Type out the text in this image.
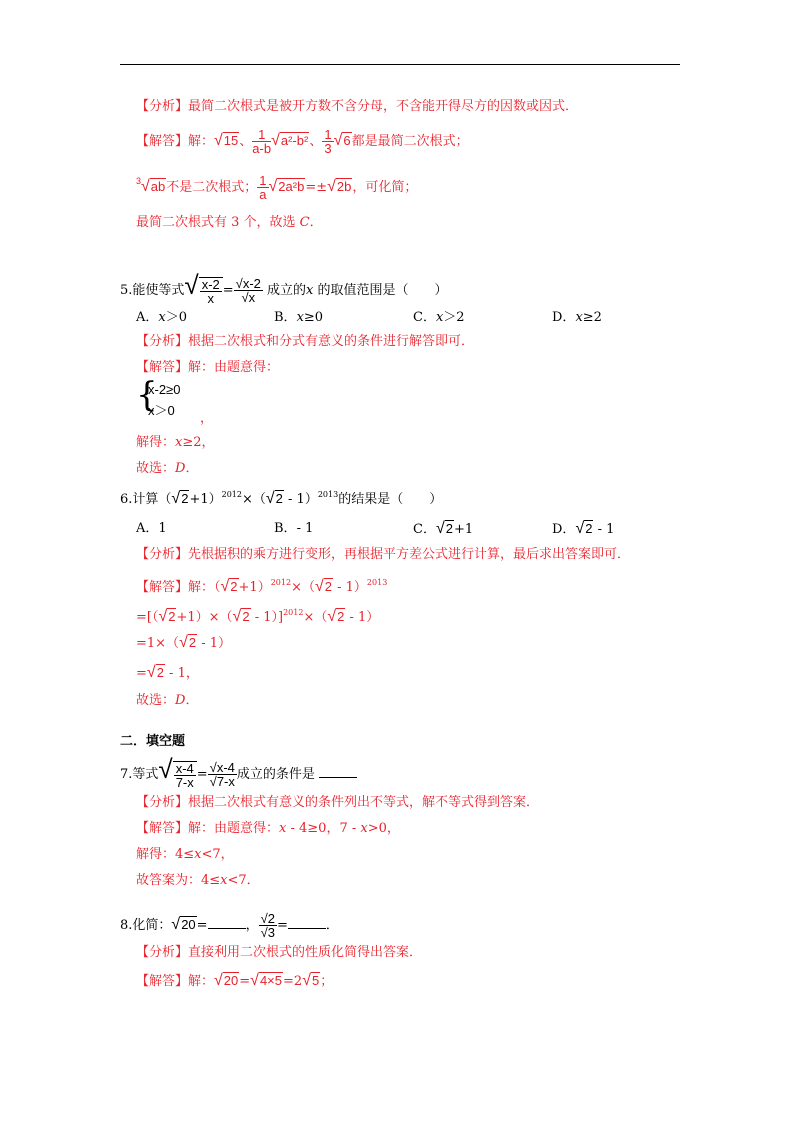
【分析】最简二次根式是被开方数不含分母，不含能开得尽方的因数或因式．
【解答】解：√15、 $\frac{1}{a-b} √a^2-b^2$、 $\frac{1}{3} √6$都是最简二次根式；
$^3$√ab不是二次根式； $\frac{1}{a} √2a^2b=\pm√2b$，可化简；
最简二次根式有 3 个，故选 C．
5.能使等式√ $\frac{x-2}{x} = \frac{√x-2}{√x}$ 成立的x 的取值范围是（　　）
A．x＞0	B．x≥0	C．x＞2	D．x≥2
【分析】根据二次根式和分式有意义的条件进行解答即可．
【解答】解：由题意得：
{
x-2≥0
x＞0
，
解得：x≥2，
故选：D．
6.计算$(√2+1)^{2012}\times(√2 - 1)^{2013}$的结果是（　　）
A．1	B．- 1	C．√2+1	D．√2 - 1
【分析】先根据积的乘方进行变形，再根据平方差公式进行计算，最后求出答案即可．
【解答】解：$(√2+1)^{2012}\times(√2 - 1)^{2013}$
$=[(√2+1)\times(√2 - 1)]^{2012}\times(√2 - 1)$
=1×（√2 - 1）
=√2 - 1，
故选：D．
二．填空题
7.等式√ $\frac{x-4}{7-x} = \frac{√x-4}{√7-x}$ 成立的条件是
【分析】根据二次根式有意义的条件列出不等式，解不等式得到答案．
【解答】解：由题意得：x - 4≥0，7 - x>0，
解得：4≤x<7，
故答案为：4≤x<7．
8.化简：√20=	， $\frac{√2}{√3}$ =	．
【分析】直接利用二次根式的性质化简得出答案．
【解答】解：√20=√4×5=2√5；
